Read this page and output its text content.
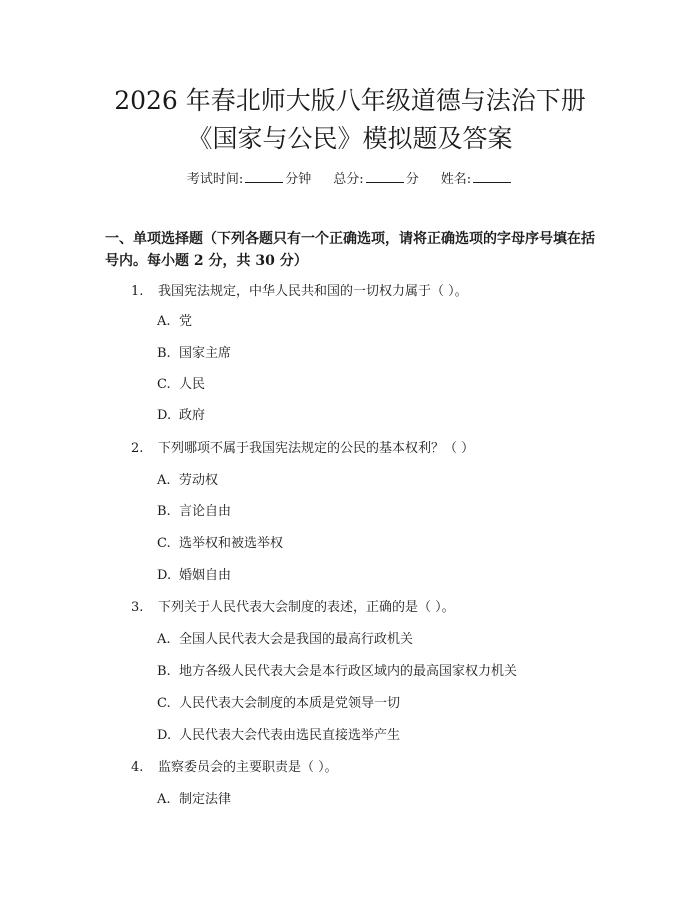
2026 年春北师大版八年级道德与法治下册
《国家与公民》模拟题及答案
考试时间:	分钟 总分:	分 姓名:
一、单项选择题（下列各题只有一个正确选项，请将正确选项的字母序号填在括号内。每小题 2 分，共 30 分）
1. 我国宪法规定，中华人民共和国的一切权力属于（ ）。
A. 党
B. 国家主席
C. 人民
D. 政府
2. 下列哪项不属于我国宪法规定的公民的基本权利？（ ）
A. 劳动权
B. 言论自由
C. 选举权和被选举权
D. 婚姻自由
3. 下列关于人民代表大会制度的表述，正确的是（ ）。
A. 全国人民代表大会是我国的最高行政机关
B. 地方各级人民代表大会是本行政区域内的最高国家权力机关
C. 人民代表大会制度的本质是党领导一切
D. 人民代表大会代表由选民直接选举产生
4. 监察委员会的主要职责是（ ）。
A. 制定法律
